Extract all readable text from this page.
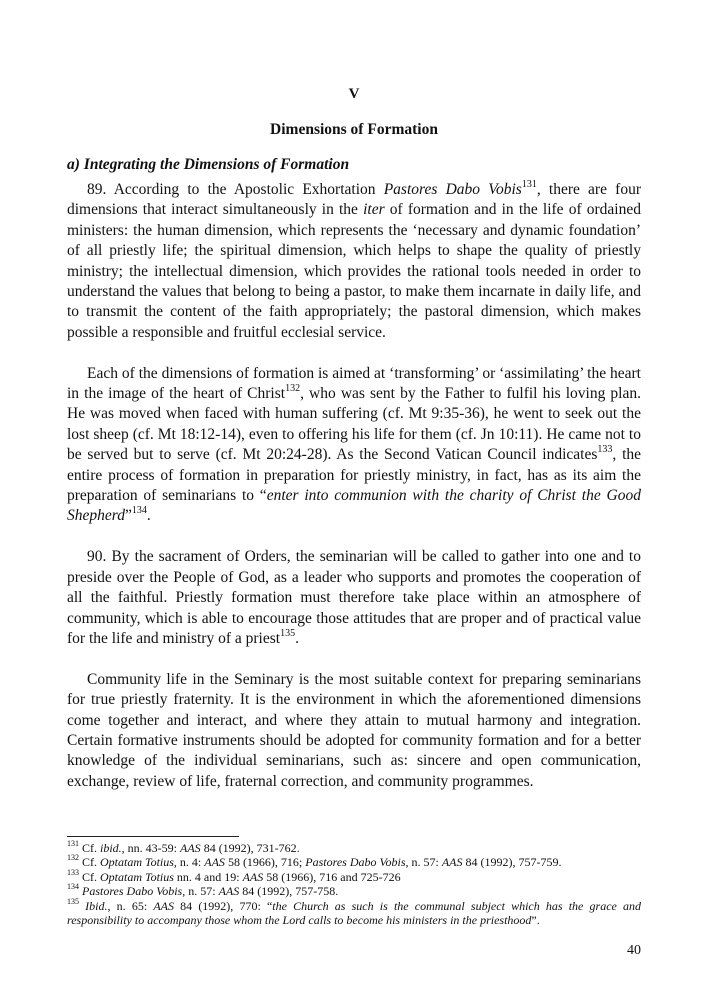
V
Dimensions of Formation
a) Integrating the Dimensions of Formation

89. According to the Apostolic Exhortation Pastores Dabo Vobis$^{131}$, there are four dimensions that interact simultaneously in the iter of formation and in the life of ordained ministers: the human dimension, which represents the ‘necessary and dynamic foundation’ of all priestly life; the spiritual dimension, which helps to shape the quality of priestly ministry; the intellectual dimension, which provides the rational tools needed in order to understand the values that belong to being a pastor, to make them incarnate in daily life, and to transmit the content of the faith appropriately; the pastoral dimension, which makes possible a responsible and fruitful ecclesial service.

Each of the dimensions of formation is aimed at ‘transforming’ or ‘assimilating’ the heart in the image of the heart of Christ$^{132}$, who was sent by the Father to fulfil his loving plan. He was moved when faced with human suffering (cf. Mt 9:35-36), he went to seek out the lost sheep (cf. Mt 18:12-14), even to offering his life for them (cf. Jn 10:11). He came not to be served but to serve (cf. Mt 20:24-28). As the Second Vatican Council indicates$^{133}$, the entire process of formation in preparation for priestly ministry, in fact, has as its aim the preparation of seminarians to “enter into communion with the charity of Christ the Good Shepherd”$^{134}$.

90. By the sacrament of Orders, the seminarian will be called to gather into one and to preside over the People of God, as a leader who supports and promotes the cooperation of all the faithful. Priestly formation must therefore take place within an atmosphere of community, which is able to encourage those attitudes that are proper and of practical value for the life and ministry of a priest$^{135}$.

Community life in the Seminary is the most suitable context for preparing seminarians for true priestly fraternity. It is the environment in which the aforementioned dimensions come together and interact, and where they attain to mutual harmony and integration. Certain formative instruments should be adopted for community formation and for a better knowledge of the individual seminarians, such as: sincere and open communication, exchange, review of life, fraternal correction, and community programmes.

$^{131}$ Cf. ibid., nn. 43-59: AAS 84 (1992), 731-762.
$^{132}$ Cf. Optatam Totius, n. 4: AAS 58 (1966), 716; Pastores Dabo Vobis, n. 57: AAS 84 (1992), 757-759.
$^{133}$ Cf. Optatam Totius nn. 4 and 19: AAS 58 (1966), 716 and 725-726
$^{134}$ Pastores Dabo Vobis, n. 57: AAS 84 (1992), 757-758.
$^{135}$ Ibid., n. 65: AAS 84 (1992), 770: “the Church as such is the communal subject which has the grace and responsibility to accompany those whom the Lord calls to become his ministers in the priesthood”.
40
